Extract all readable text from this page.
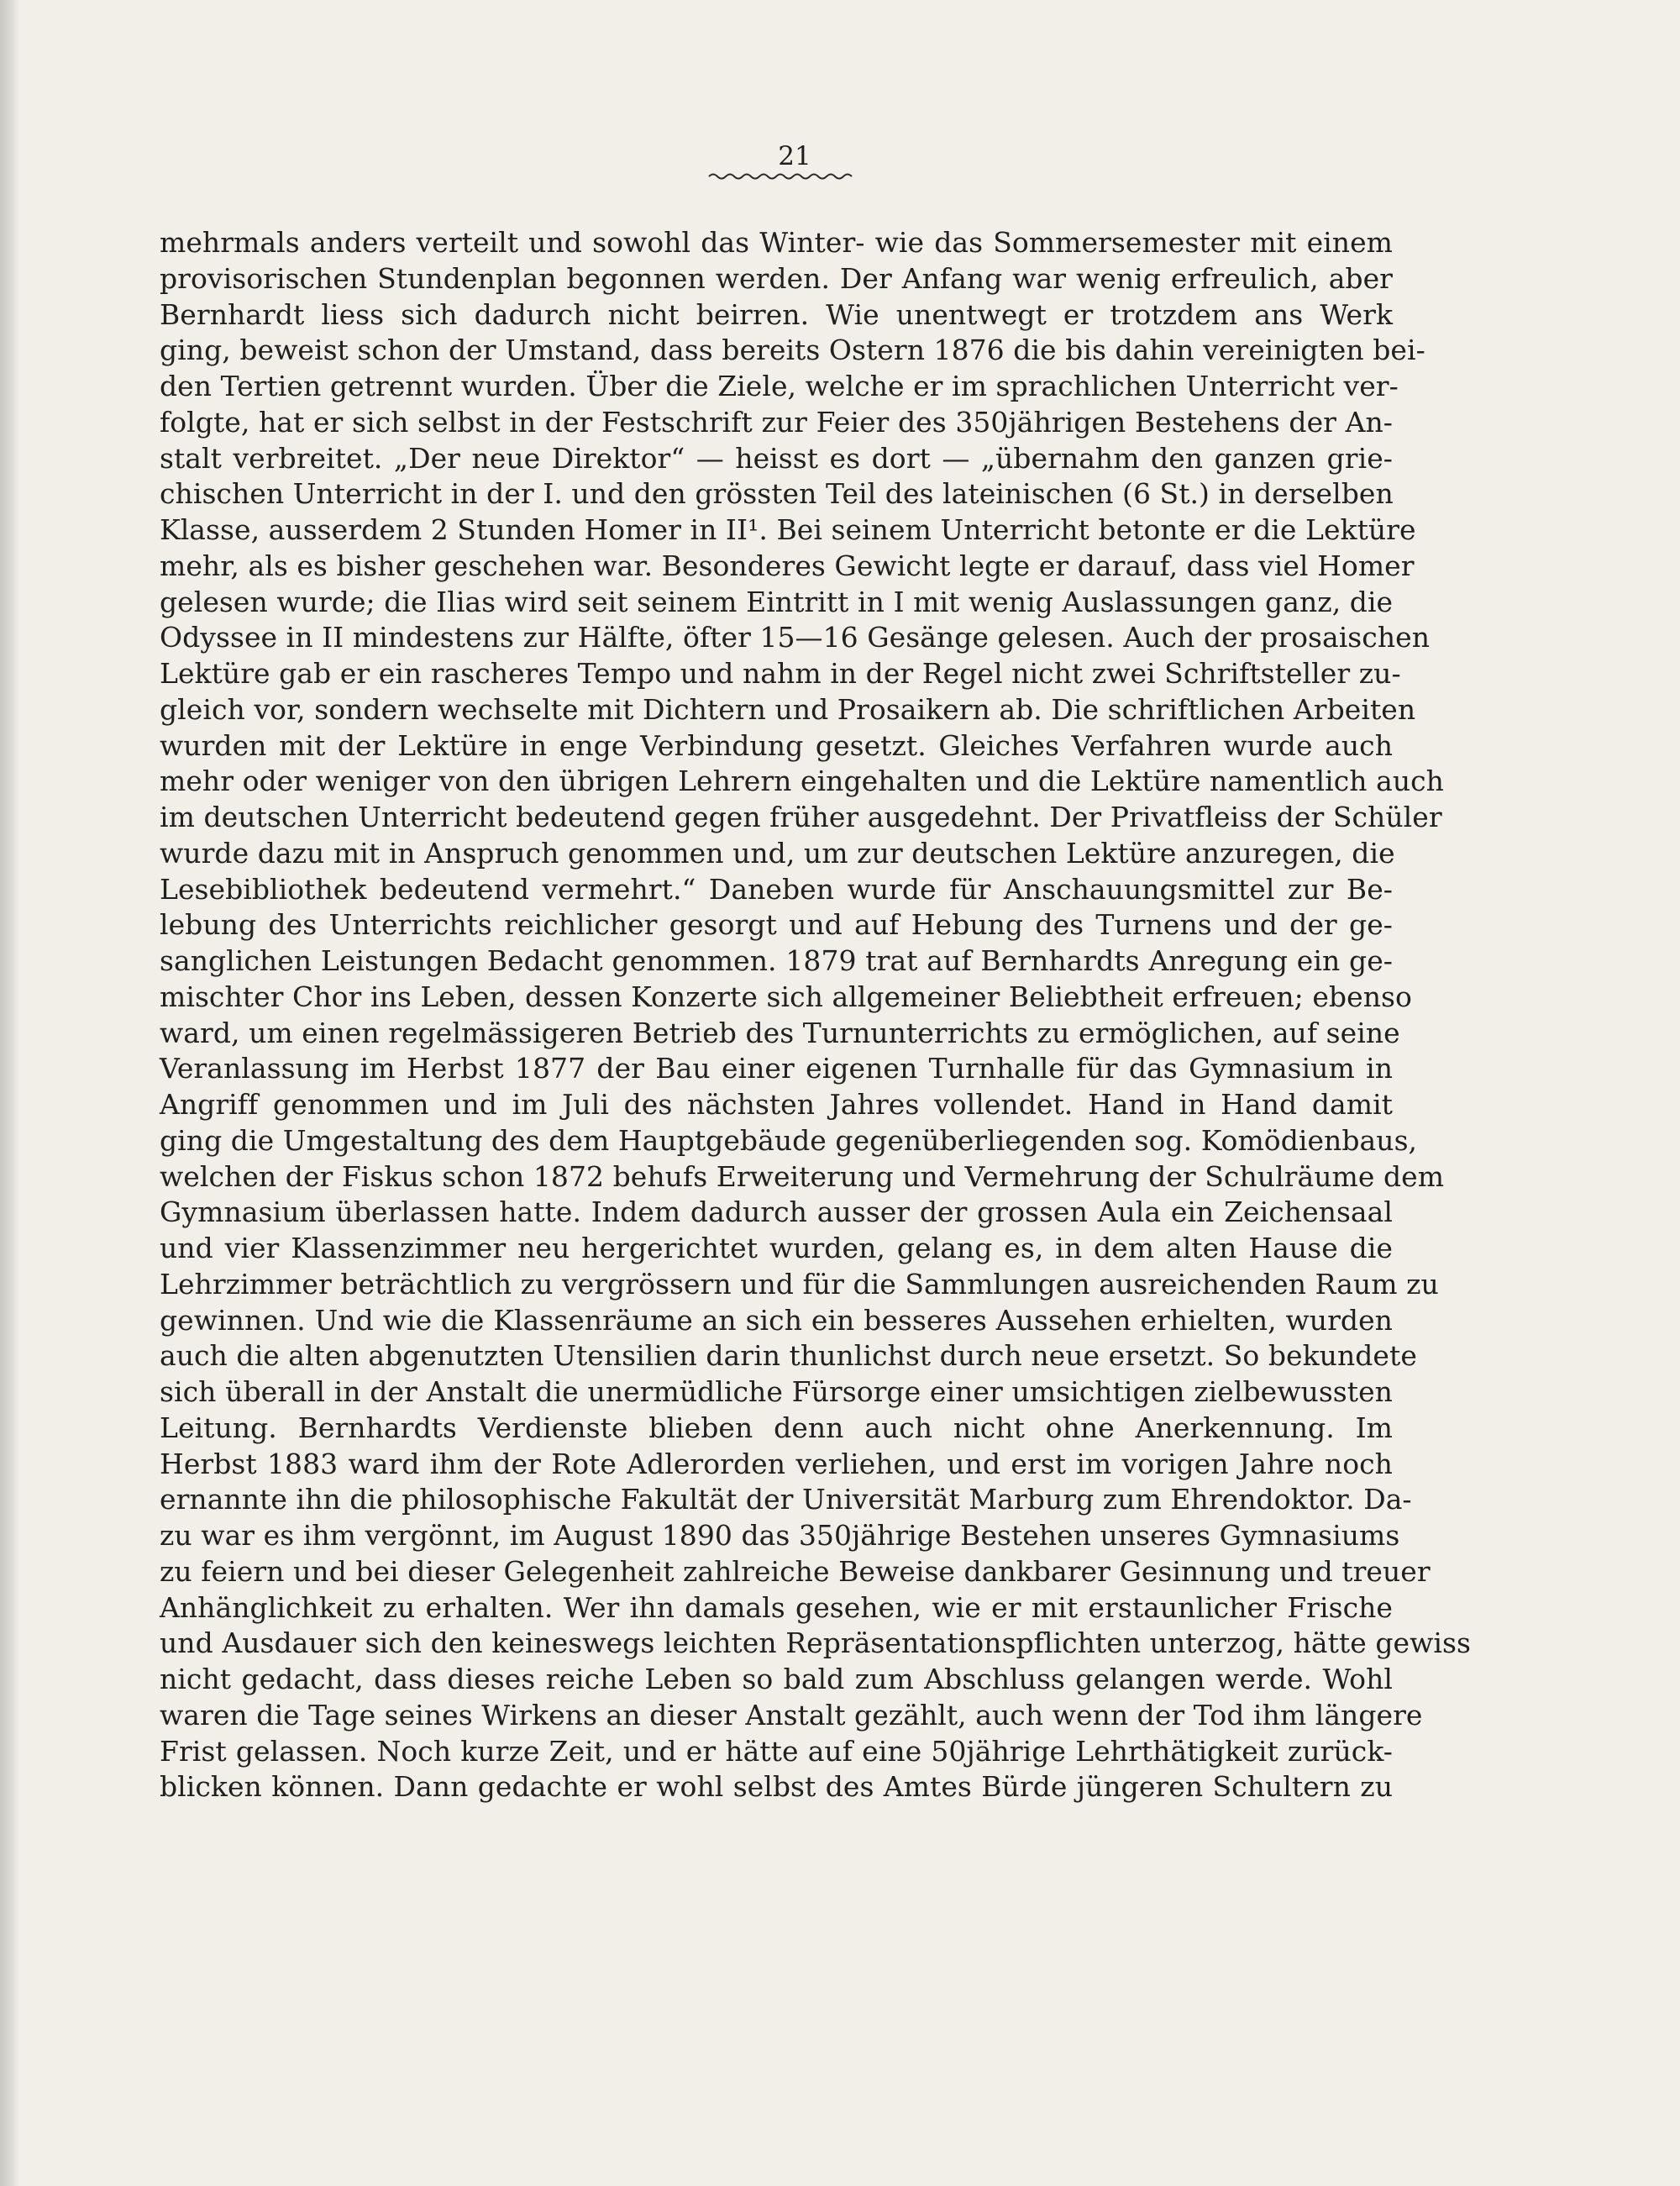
21
mehrmals anders verteilt und sowohl das Winter- wie das Sommersemester mit einem
provisorischen Stundenplan begonnen werden. Der Anfang war wenig erfreulich, aber
Bernhardt liess sich dadurch nicht beirren. Wie unentwegt er trotzdem ans Werk
ging, beweist schon der Umstand, dass bereits Ostern 1876 die bis dahin vereinigten bei-
den Tertien getrennt wurden. Über die Ziele, welche er im sprachlichen Unterricht ver-
folgte, hat er sich selbst in der Festschrift zur Feier des 350jährigen Bestehens der An-
stalt verbreitet. „Der neue Direktor“ — heisst es dort — „übernahm den ganzen grie-
chischen Unterricht in der I. und den grössten Teil des lateinischen (6 St.) in derselben
Klasse, ausserdem 2 Stunden Homer in II¹. Bei seinem Unterricht betonte er die Lektüre
mehr, als es bisher geschehen war. Besonderes Gewicht legte er darauf, dass viel Homer
gelesen wurde; die Ilias wird seit seinem Eintritt in I mit wenig Auslassungen ganz, die
Odyssee in II mindestens zur Hälfte, öfter 15—16 Gesänge gelesen. Auch der prosaischen
Lektüre gab er ein rascheres Tempo und nahm in der Regel nicht zwei Schriftsteller zu-
gleich vor, sondern wechselte mit Dichtern und Prosaikern ab. Die schriftlichen Arbeiten
wurden mit der Lektüre in enge Verbindung gesetzt. Gleiches Verfahren wurde auch
mehr oder weniger von den übrigen Lehrern eingehalten und die Lektüre namentlich auch
im deutschen Unterricht bedeutend gegen früher ausgedehnt. Der Privatfleiss der Schüler
wurde dazu mit in Anspruch genommen und, um zur deutschen Lektüre anzuregen, die
Lesebibliothek bedeutend vermehrt.“ Daneben wurde für Anschauungsmittel zur Be-
lebung des Unterrichts reichlicher gesorgt und auf Hebung des Turnens und der ge-
sanglichen Leistungen Bedacht genommen. 1879 trat auf Bernhardts Anregung ein ge-
mischter Chor ins Leben, dessen Konzerte sich allgemeiner Beliebtheit erfreuen; ebenso
ward, um einen regelmässigeren Betrieb des Turnunterrichts zu ermöglichen, auf seine
Veranlassung im Herbst 1877 der Bau einer eigenen Turnhalle für das Gymnasium in
Angriff genommen und im Juli des nächsten Jahres vollendet. Hand in Hand damit
ging die Umgestaltung des dem Hauptgebäude gegenüberliegenden sog. Komödienbaus,
welchen der Fiskus schon 1872 behufs Erweiterung und Vermehrung der Schulräume dem
Gymnasium überlassen hatte. Indem dadurch ausser der grossen Aula ein Zeichensaal
und vier Klassenzimmer neu hergerichtet wurden, gelang es, in dem alten Hause die
Lehrzimmer beträchtlich zu vergrössern und für die Sammlungen ausreichenden Raum zu
gewinnen. Und wie die Klassenräume an sich ein besseres Aussehen erhielten, wurden
auch die alten abgenutzten Utensilien darin thunlichst durch neue ersetzt. So bekundete
sich überall in der Anstalt die unermüdliche Fürsorge einer umsichtigen zielbewussten
Leitung. Bernhardts Verdienste blieben denn auch nicht ohne Anerkennung. Im
Herbst 1883 ward ihm der Rote Adlerorden verliehen, und erst im vorigen Jahre noch
ernannte ihn die philosophische Fakultät der Universität Marburg zum Ehrendoktor. Da-
zu war es ihm vergönnt, im August 1890 das 350jährige Bestehen unseres Gymnasiums
zu feiern und bei dieser Gelegenheit zahlreiche Beweise dankbarer Gesinnung und treuer
Anhänglichkeit zu erhalten. Wer ihn damals gesehen, wie er mit erstaunlicher Frische
und Ausdauer sich den keineswegs leichten Repräsentationspflichten unterzog, hätte gewiss
nicht gedacht, dass dieses reiche Leben so bald zum Abschluss gelangen werde. Wohl
waren die Tage seines Wirkens an dieser Anstalt gezählt, auch wenn der Tod ihm längere
Frist gelassen. Noch kurze Zeit, und er hätte auf eine 50jährige Lehrthätigkeit zurück-
blicken können. Dann gedachte er wohl selbst des Amtes Bürde jüngeren Schultern zu
